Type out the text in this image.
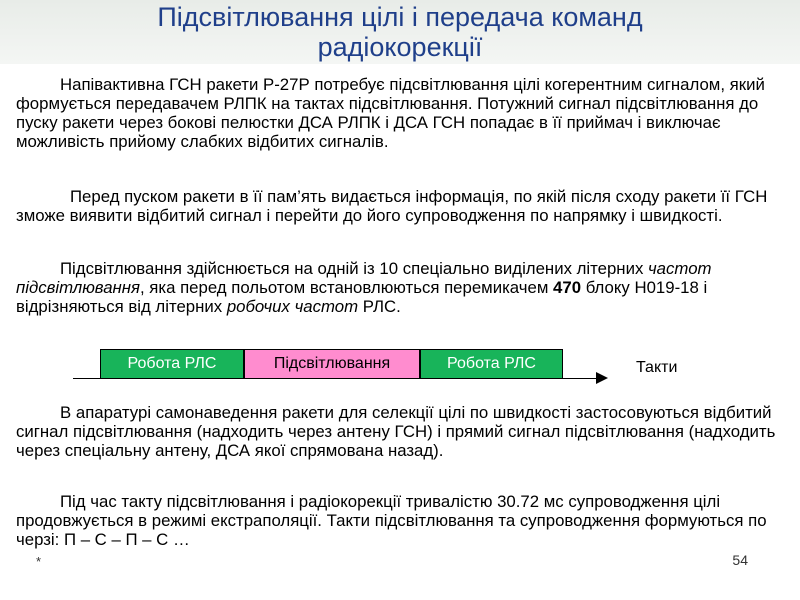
Підсвітлювання цілі і передача команд
радіокорекції

Напівактивна ГСН ракети Р-27Р потребує підсвітлювання цілі когерентним сигналом, який формується передавачем РЛПК на тактах підсвітлювання. Потужний сигнал підсвітлювання до пуску ракети через бокові пелюстки ДСА РЛПК і ДСА ГСН попадає в її приймач і виключає можливість прийому слабких відбитих сигналів.

Перед пуском ракети в її пам’ять видається інформація, по якій після сходу ракети її ГСН зможе виявити відбитий сигнал і перейти до його супроводження по напрямку і швидкості.

Підсвітлювання здійснюється на одній із 10 спеціально виділених літерних частот підсвітлювання, яка перед польотом встановлюються перемикачем 470 блоку Н019-18 і відрізняються від літерних робочих частот РЛС.

Робота РЛС	Підсвітлювання	Робота РЛС	Такти

В апаратурі самонаведення ракети для селекції цілі по швидкості застосовуються відбитий сигнал підсвітлювання (надходить через антену ГСН) і прямий сигнал підсвітлювання (надходить через спеціальну антену, ДСА якої спрямована назад).

Під час такту підсвітлювання і радіокорекції тривалістю 30.72 мс супроводження цілі продовжується в режимі екстраполяції. Такти підсвітлювання та супроводження формуються по черзі: П – С – П – С …

*	54
